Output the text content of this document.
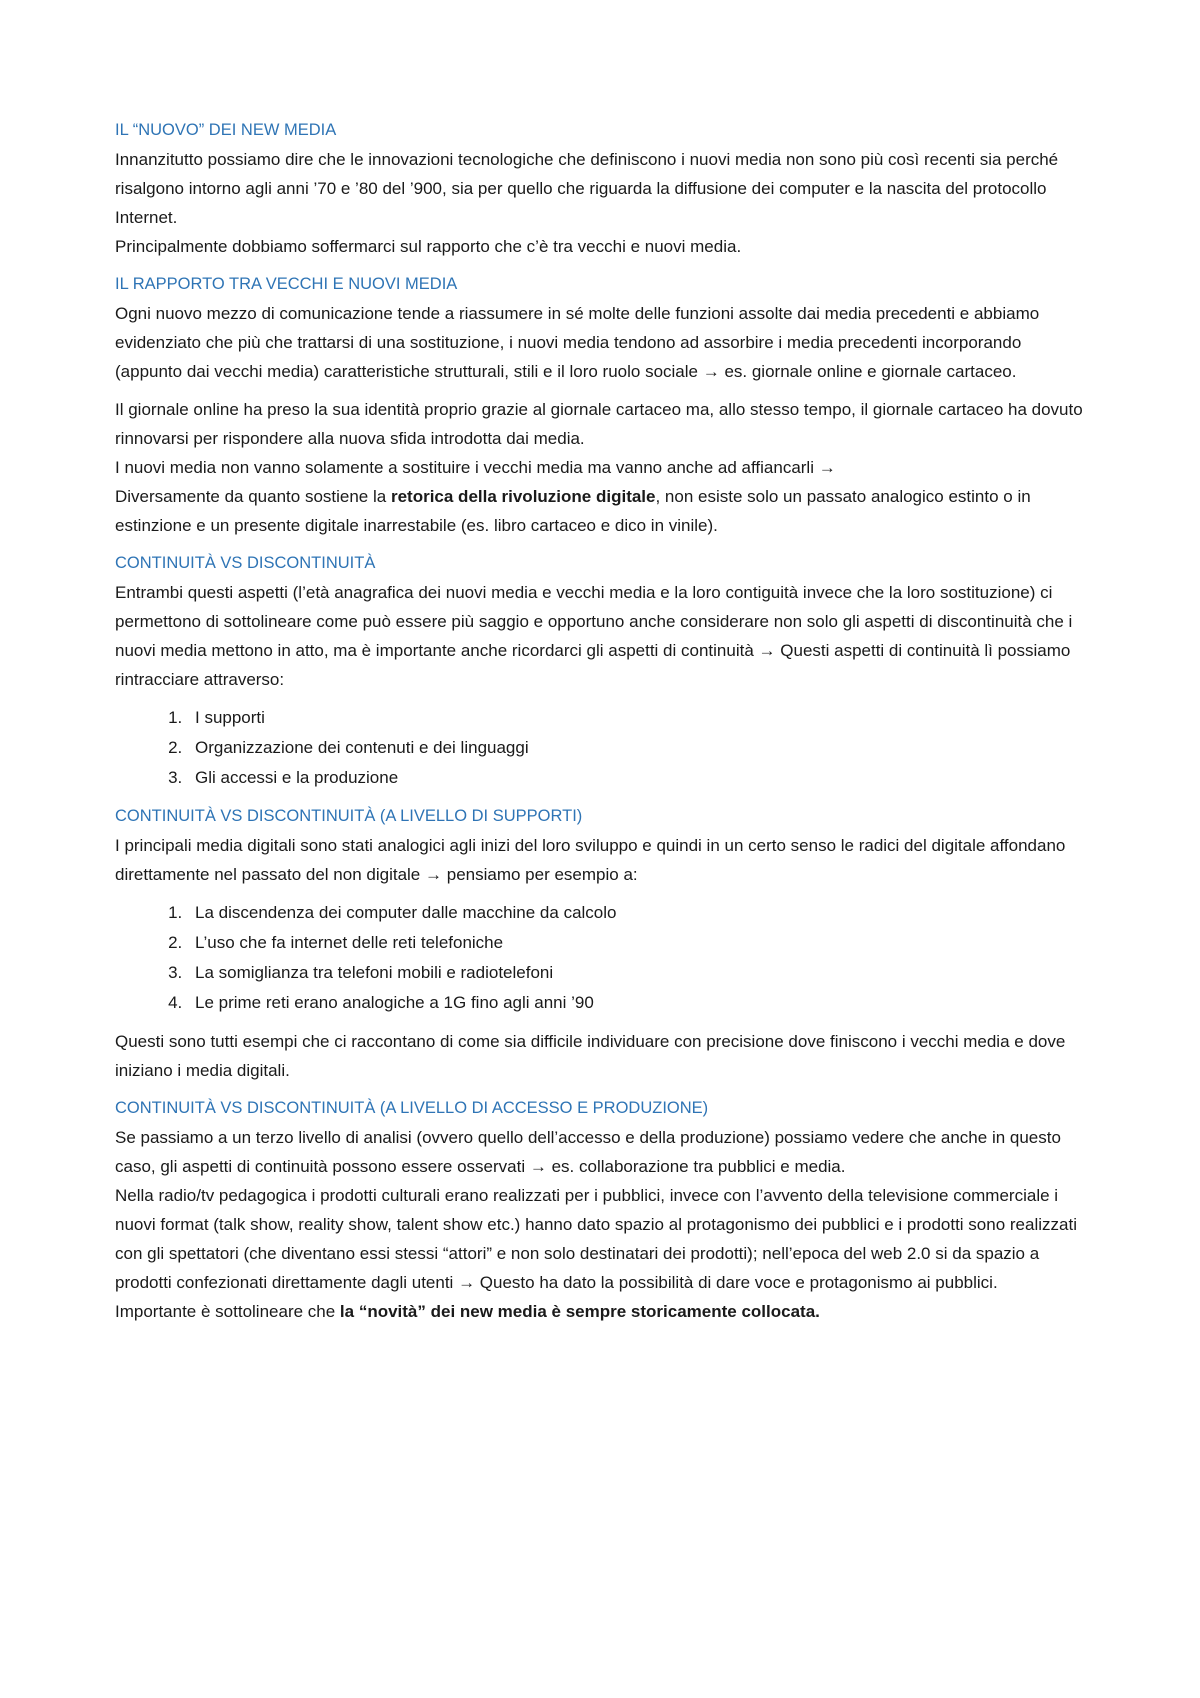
IL “NUOVO” DEI NEW MEDIA

Innanzitutto possiamo dire che le innovazioni tecnologiche che definiscono i nuovi media non sono più così recenti sia perché risalgono intorno agli anni ’70 e ’80 del ’900, sia per quello che riguarda la diffusione dei computer e la nascita del protocollo Internet.

Principalmente dobbiamo soffermarci sul rapporto che c’è tra vecchi e nuovi media.

IL RAPPORTO TRA VECCHI E NUOVI MEDIA

Ogni nuovo mezzo di comunicazione tende a riassumere in sé molte delle funzioni assolte dai media precedenti e abbiamo evidenziato che più che trattarsi di una sostituzione, i nuovi media tendono ad assorbire i media precedenti incorporando (appunto dai vecchi media) caratteristiche strutturali, stili e il loro ruolo sociale → es. giornale online e giornale cartaceo.

Il giornale online ha preso la sua identità proprio grazie al giornale cartaceo ma, allo stesso tempo, il giornale cartaceo ha dovuto rinnovarsi per rispondere alla nuova sfida introdotta dai media.

I nuovi media non vanno solamente a sostituire i vecchi media ma vanno anche ad affiancarli →

Diversamente da quanto sostiene la retorica della rivoluzione digitale, non esiste solo un passato analogico estinto o in estinzione e un presente digitale inarrestabile (es. libro cartaceo e dico in vinile).

CONTINUITÀ VS DISCONTINUITÀ

Entrambi questi aspetti (l’età anagrafica dei nuovi media e vecchi media e la loro contiguità invece che la loro sostituzione) ci permettono di sottolineare come può essere più saggio e opportuno anche considerare non solo gli aspetti di discontinuità che i nuovi media mettono in atto, ma è importante anche ricordarci gli aspetti di continuità → Questi aspetti di continuità lì possiamo rintracciare attraverso:

1. I supporti
2. Organizzazione dei contenuti e dei linguaggi
3. Gli accessi e la produzione
CONTINUITÀ VS DISCONTINUITÀ (A LIVELLO DI SUPPORTI)

I principali media digitali sono stati analogici agli inizi del loro sviluppo e quindi in un certo senso le radici del digitale affondano direttamente nel passato del non digitale → pensiamo per esempio a:

1. La discendenza dei computer dalle macchine da calcolo
2. L’uso che fa internet delle reti telefoniche
3. La somiglianza tra telefoni mobili e radiotelefoni
4. Le prime reti erano analogiche a 1G fino agli anni ’90

Questi sono tutti esempi che ci raccontano di come sia difficile individuare con precisione dove finiscono i vecchi media e dove iniziano i media digitali.

CONTINUITÀ VS DISCONTINUITÀ (A LIVELLO DI ACCESSO E PRODUZIONE)

Se passiamo a un terzo livello di analisi (ovvero quello dell’accesso e della produzione) possiamo vedere che anche in questo caso, gli aspetti di continuità possono essere osservati → es. collaborazione tra pubblici e media.

Nella radio/tv pedagogica i prodotti culturali erano realizzati per i pubblici, invece con l’avvento della televisione commerciale i nuovi format (talk show, reality show, talent show etc.) hanno dato spazio al protagonismo dei pubblici e i prodotti sono realizzati con gli spettatori (che diventano essi stessi “attori” e non solo destinatari dei prodotti); nell’epoca del web 2.0 si da spazio a prodotti confezionati direttamente dagli utenti → Questo ha dato la possibilità di dare voce e protagonismo ai pubblici.

Importante è sottolineare che la “novità” dei new media è sempre storicamente collocata.
